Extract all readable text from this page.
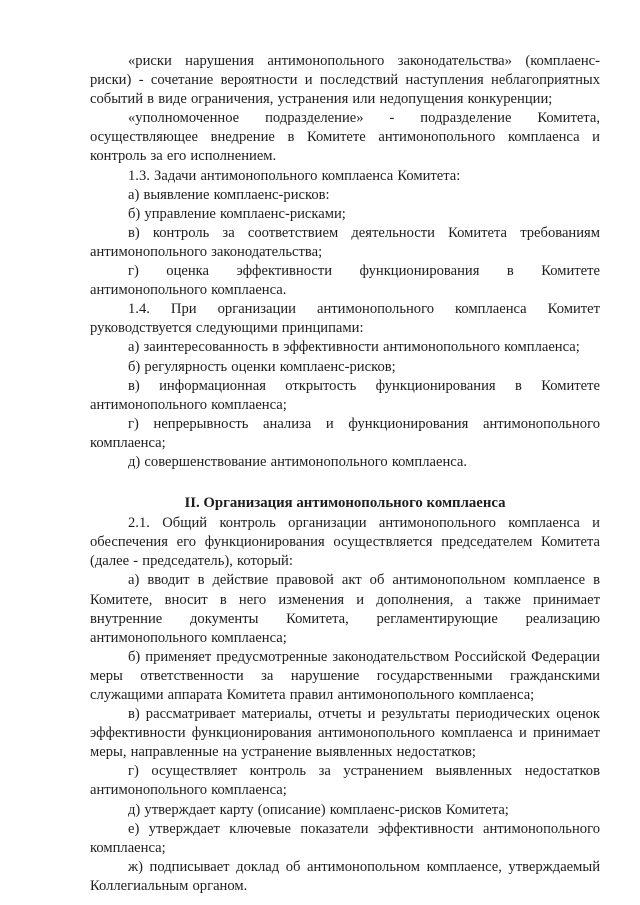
«риски нарушения антимонопольного законодательства» (комплаенс-риски) - сочетание вероятности и последствий наступления неблагоприятных событий в виде ограничения, устранения или недопущения конкуренции;

«уполномоченное подразделение» - подразделение Комитета, осуществляющее внедрение в Комитете антимонопольного комплаенса и контроль за его исполнением.

1.3. Задачи антимонопольного комплаенса Комитета:

а) выявление комплаенс-рисков:

б) управление комплаенс-рисками;

в) контроль за соответствием деятельности Комитета требованиям антимонопольного законодательства;

г) оценка эффективности функционирования в Комитете антимонопольного комплаенса.

1.4. При организации антимонопольного комплаенса Комитет руководствуется следующими принципами:

а) заинтересованность в эффективности антимонопольного комплаенса;

б) регулярность оценки комплаенс-рисков;

в) информационная открытость функционирования в Комитете антимонопольного комплаенса;

г) непрерывность анализа и функционирования антимонопольного комплаенса;

д) совершенствование антимонопольного комплаенса.

II. Организация антимонопольного комплаенса

2.1. Общий контроль организации антимонопольного комплаенса и обеспечения его функционирования осуществляется председателем Комитета (далее - председатель), который:

а) вводит в действие правовой акт об антимонопольном комплаенсе в Комитете, вносит в него изменения и дополнения, а также принимает внутренние документы Комитета, регламентирующие реализацию антимонопольного комплаенса;

б) применяет предусмотренные законодательством Российской Федерации меры ответственности за нарушение государственными гражданскими служащими аппарата Комитета правил антимонопольного комплаенса;

в) рассматривает материалы, отчеты и результаты периодических оценок эффективности функционирования антимонопольного комплаенса и принимает меры, направленные на устранение выявленных недостатков;

г) осуществляет контроль за устранением выявленных недостатков антимонопольного комплаенса;

д) утверждает карту (описание) комплаенс-рисков Комитета;

е) утверждает ключевые показатели эффективности антимонопольного комплаенса;

ж) подписывает доклад об антимонопольном комплаенсе, утверждаемый Коллегиальным органом.
